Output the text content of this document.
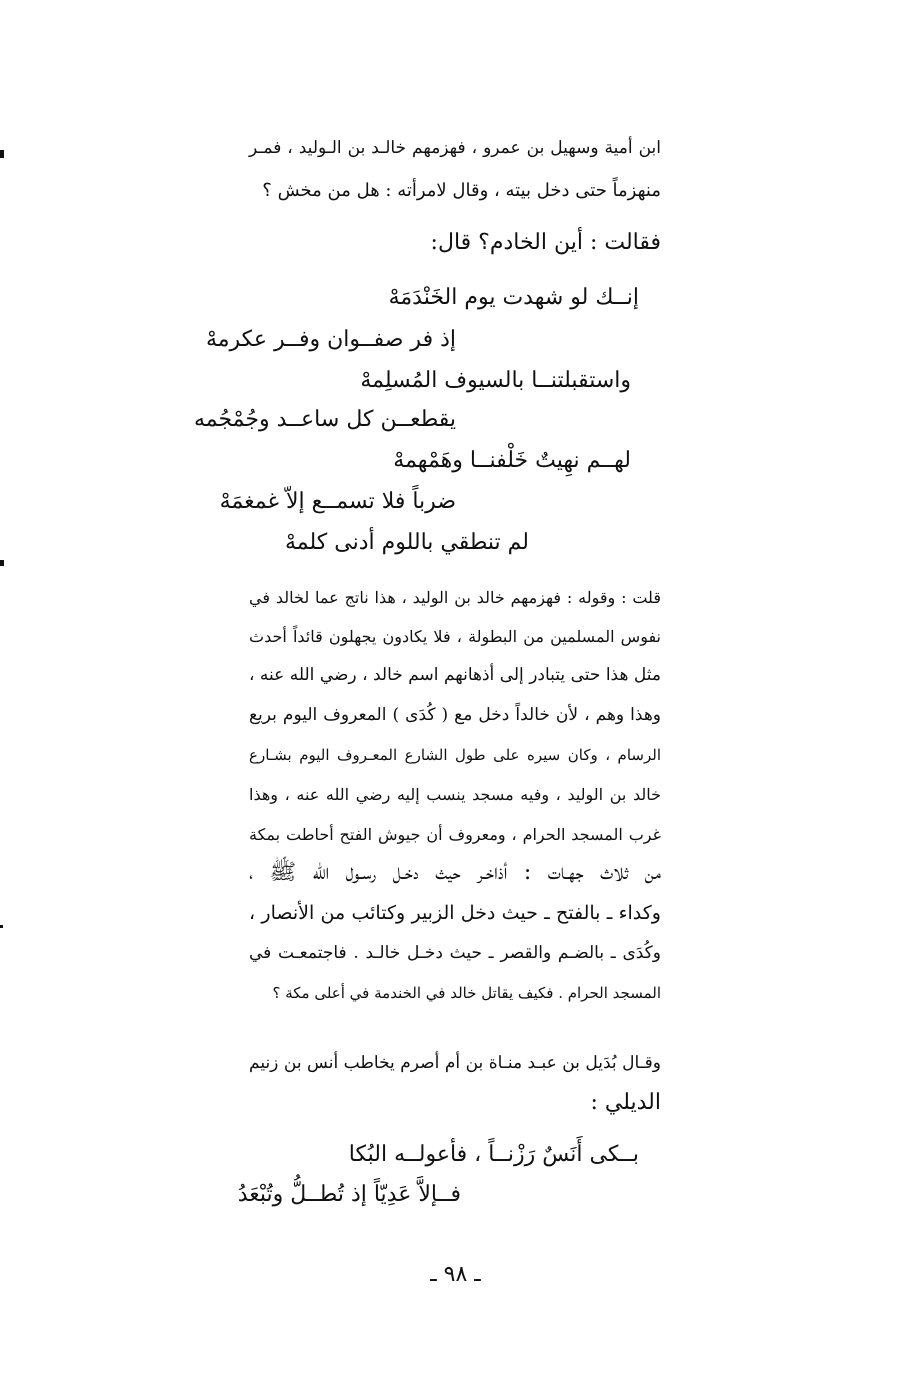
ابن أمية وسهيل بن عمرو ، فهزمهم خالـد بن الـوليد ، فمـر
منهزماً حتى دخل بيته ، وقال لامرأته : هل من مخش ؟
فقالت : أين الخادم؟ قال:
إنــك لو شهدت يوم الخَنْدَمَهْ
إذ فر صفــوان وفــر عكرمهْ
واستقبلتنــا بالسيوف المُسلِمهْ
يقطعــن كل ساعــد وجُمْجُمه
لهــم نهِيتٌ خَلْفنــا وهَمْهمهْ
ضرباً فلا تسمــع إلاّ غمغمَهْ
لم تنطقي باللوم أدنى كلمهْ
قلت : وقوله : فهزمهم خالد بن الوليد ، هذا ناتج عما لخالد في
نفوس المسلمين من البطولة ، فلا يكادون يجهلون قائداً أحدث
مثل هذا حتى يتبادر إلى أذهانهم اسم خالد ، رضي الله عنه ،
وهذا وهم ، لأن خالداً دخل مع ( كُدَى ) المعروف اليوم بريع
الرسام ، وكان سيره على طول الشارع المعـروف اليوم بشـارع
خالد بن الوليد ، وفيه مسجد ينسب إليه رضي الله عنه ، وهذا
غرب المسجد الحرام ، ومعروف أن جيوش الفتح أحاطت بمكة
من ثلاث جهـات : أذاخـر حيث دخـل رسـول الله ﷺ ،
وكداء ـ بالفتح ـ حيث دخل الزبير وكتائب من الأنصار ،
وكُدَى ـ بالضـم والقصر ـ حيث دخـل خالـد . فاجتمعـت في
المسجد الحرام . فكيف يقاتل خالد في الخندمة في أعلى مكة ؟
وقـال بُدَيل بن عبـد منـاة بن أم أصرم يخاطب أنس بن زنيم
الديلي :
بــكى أَنَسٌ رَزْنــاً ، فأعولــه البُكا
فــإلاَّ عَدِيّاً إذ تُطــلُّ وتُبْعَدُ
ـ ٩٨ ـ
